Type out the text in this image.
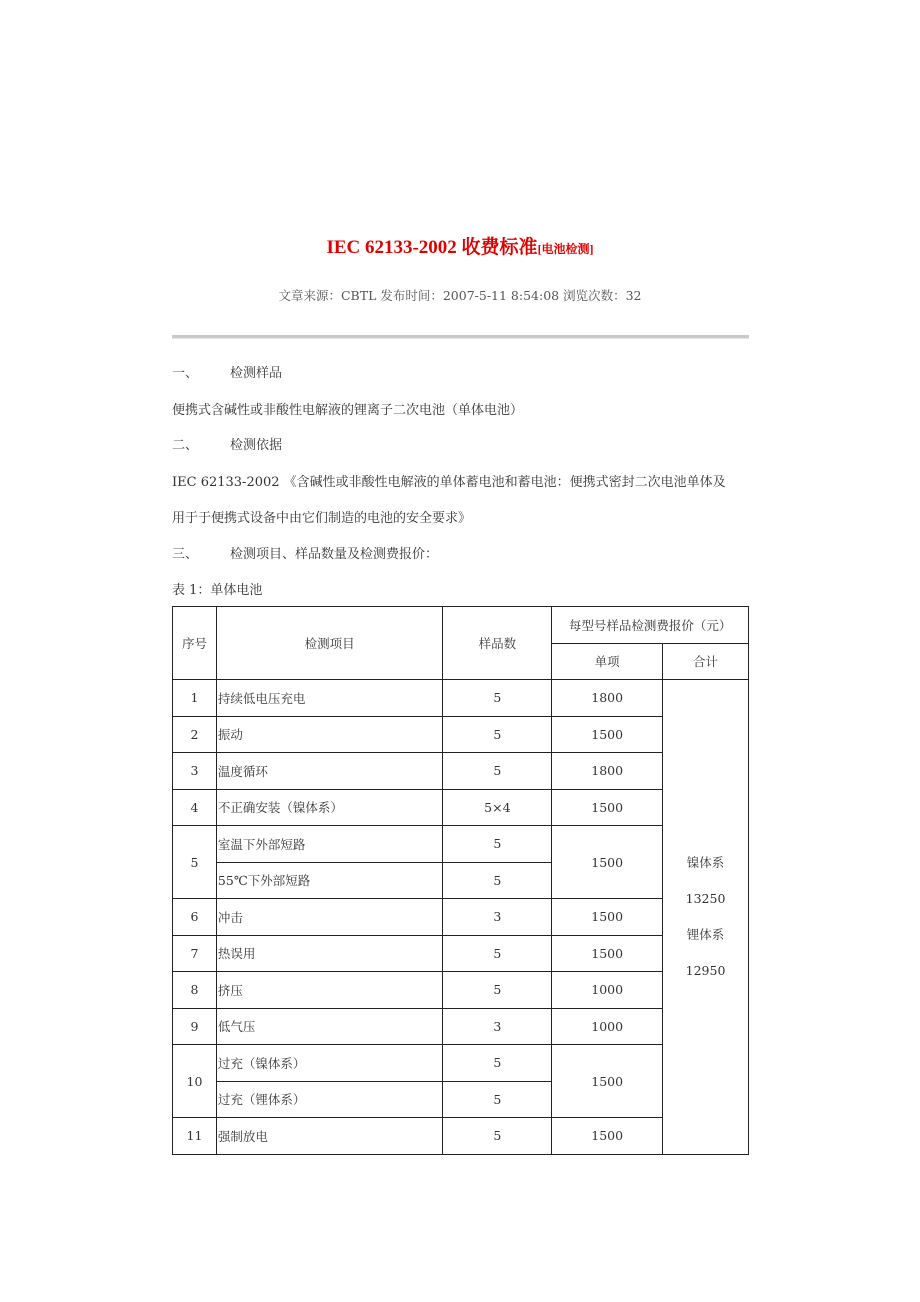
IEC 62133-2002 收费标准[电池检测]
文章来源：CBTL 发布时间：2007-5-11 8:54:08 浏览次数：32
一、 检测样品
便携式含碱性或非酸性电解液的锂离子二次电池（单体电池）
二、 检测依据
IEC 62133-2002 《含碱性或非酸性电解液的单体蓄电池和蓄电池：便携式密封二次电池单体及
用于于便携式设备中由它们制造的电池的安全要求》
三、 检测项目、样品数量及检测费报价：
表 1：单体电池
序号	检测项目	样品数	每型号样品检测费报价（元）	
			单项	合计
1	持续低电压充电	5	1800	镍体系
13250
锂体系
12950

2	振动	5	1500	
3	温度循环	5	1800	
4	不正确安装（镍体系）	5×4	1500	
5	室温下外部短路	5	1500	
	55℃下外部短路	5		
6	冲击	3	1500	
7	热误用	5	1500	
8	挤压	5	1000	
9	低气压	3	1000	
10	过充（镍体系）	5	1500	
	过充（锂体系）	5		
11	强制放电	5	1500	
